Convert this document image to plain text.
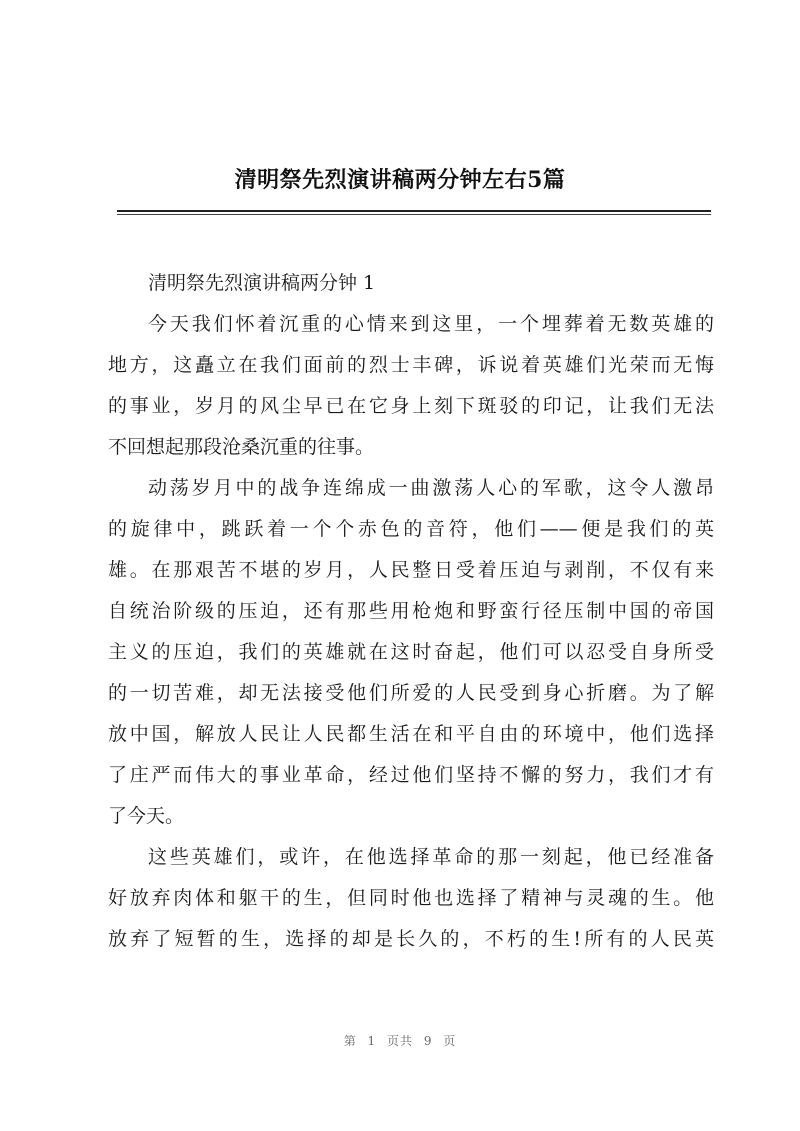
清明祭先烈演讲稿两分钟左右5篇
清明祭先烈演讲稿两分钟 1
今天我们怀着沉重的心情来到这里，一个埋葬着无数英雄的
地方，这矗立在我们面前的烈士丰碑，诉说着英雄们光荣而无悔
的事业，岁月的风尘早已在它身上刻下斑驳的印记，让我们无法
不回想起那段沧桑沉重的往事。
动荡岁月中的战争连绵成一曲激荡人心的军歌，这令人激昂
的旋律中，跳跃着一个个赤色的音符，他们——便是我们的英
雄。在那艰苦不堪的岁月，人民整日受着压迫与剥削，不仅有来
自统治阶级的压迫，还有那些用枪炮和野蛮行径压制中国的帝国
主义的压迫，我们的英雄就在这时奋起，他们可以忍受自身所受
的一切苦难，却无法接受他们所爱的人民受到身心折磨。为了解
放中国，解放人民让人民都生活在和平自由的环境中，他们选择
了庄严而伟大的事业革命，经过他们坚持不懈的努力，我们才有
了今天。
这些英雄们，或许，在他选择革命的那一刻起，他已经准备
好放弃肉体和躯干的生，但同时他也选择了精神与灵魂的生。他
放弃了短暂的生，选择的却是长久的，不朽的生!所有的人民英
第 1 页共 9 页
